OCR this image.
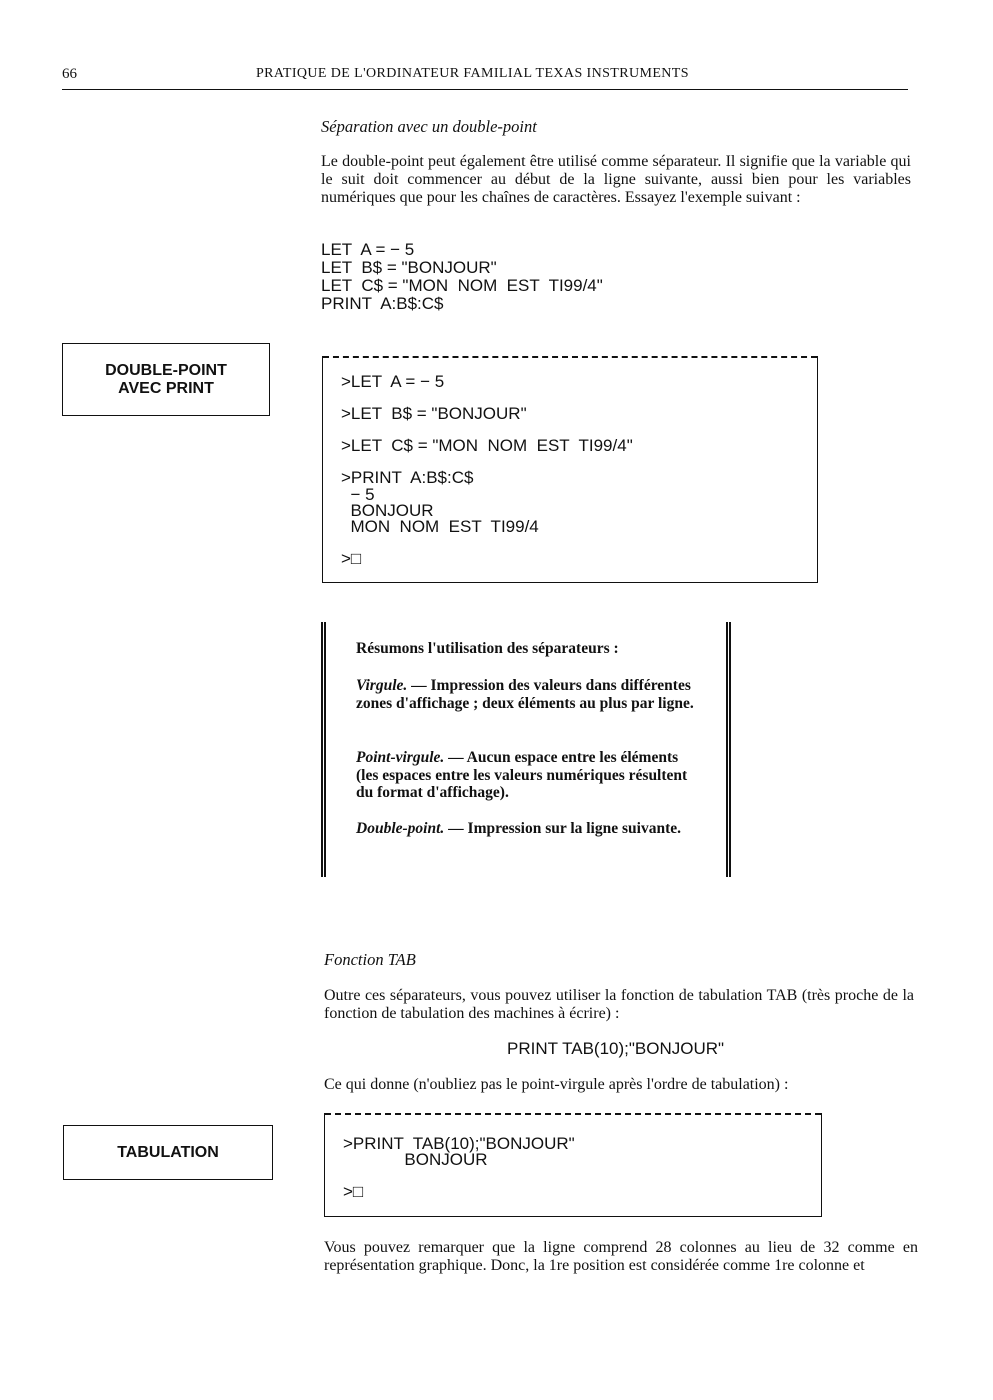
66	PRATIQUE DE L'ORDINATEUR FAMILIAL TEXAS INSTRUMENTS
Séparation avec un double-point
Le double-point peut également être utilisé comme séparateur. Il signifie que la variable qui le suit doit commencer au début de la ligne suivante, aussi bien pour les variables numériques que pour les chaînes de caractères. Essayez l'exemple suivant :
LET  A = − 5
LET  B$ = "BONJOUR"
LET  C$ = "MON  NOM  EST  TI99/4"
PRINT  A:B$:C$
DOUBLE-POINT
AVEC PRINT	>LET  A = − 5
>LET  B$ = "BONJOUR"
>LET  C$ = "MON  NOM  EST  TI99/4"
>PRINT  A:B$:C$
− 5
BONJOUR
MON  NOM  EST  TI99/4
>□
Résumons l'utilisation des séparateurs :
Virgule. — Impression des valeurs dans différentes zones d'affichage ; deux éléments au plus par ligne.
Point-virgule. — Aucun espace entre les éléments (les espaces entre les valeurs numériques résultent du format d'affichage).
Double-point. — Impression sur la ligne suivante.
Fonction TAB
Outre ces séparateurs, vous pouvez utiliser la fonction de tabulation TAB (très proche de la fonction de tabulation des machines à écrire) :
PRINT TAB(10);"BONJOUR"
Ce qui donne (n'oubliez pas le point-virgule après l'ordre de tabulation) :
TABULATION	>PRINT  TAB(10);"BONJOUR"
BONJOUR
>□
Vous pouvez remarquer que la ligne comprend 28 colonnes au lieu de 32 comme en représentation graphique. Donc, la 1re position est considérée comme 1re colonne et
